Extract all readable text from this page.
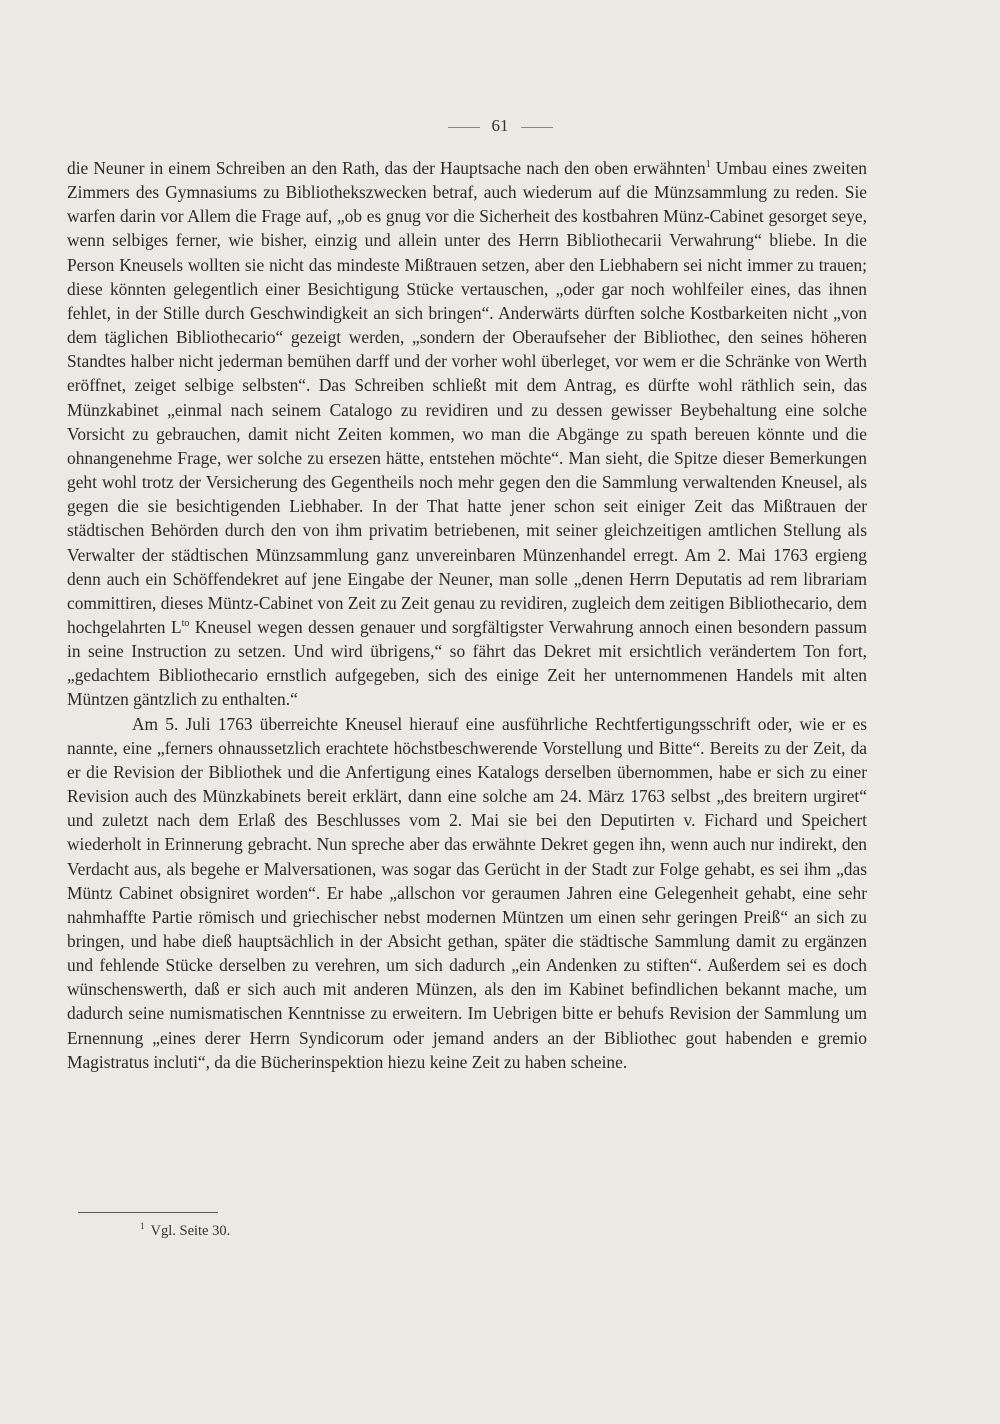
61

die Neuner in einem Schreiben an den Rath, das der Hauptsache nach den oben erwähnten$^1$ Umbau eines zweiten Zimmers des Gymnasiums zu Bibliothekszwecken betraf, auch wiederum auf die Münzsammlung zu reden. Sie warfen darin vor Allem die Frage auf, „ob es gnug vor die Sicherheit des kostbahren Münz-Cabinet gesorget seye, wenn selbiges ferner, wie bisher, einzig und allein unter des Herrn Bibliothecarii Verwahrung“ bliebe. In die Person Kneusels wollten sie nicht das mindeste Mißtrauen setzen, aber den Liebhabern sei nicht immer zu trauen; diese könnten gelegentlich einer Besichtigung Stücke vertauschen, „oder gar noch wohlfeiler eines, das ihnen fehlet, in der Stille durch Geschwindigkeit an sich bringen“. Anderwärts dürften solche Kostbarkeiten nicht „von dem täglichen Bibliothecario“ gezeigt werden, „sondern der Oberaufseher der Bibliothec, den seines höheren Standtes halber nicht jederman bemühen darff und der vorher wohl überleget, vor wem er die Schränke von Werth eröffnet, zeiget selbige selbsten“. Das Schreiben schließt mit dem Antrag, es dürfte wohl räthlich sein, das Münzkabinet „einmal nach seinem Catalogo zu revidiren und zu dessen gewisser Beybehaltung eine solche Vorsicht zu gebrauchen, damit nicht Zeiten kommen, wo man die Abgänge zu spath bereuen könnte und die ohnangenehme Frage, wer solche zu ersezen hätte, entstehen möchte“. Man sieht, die Spitze dieser Bemerkungen geht wohl trotz der Versicherung des Gegentheils noch mehr gegen den die Sammlung verwaltenden Kneusel, als gegen die sie besichtigenden Liebhaber. In der That hatte jener schon seit einiger Zeit das Mißtrauen der städtischen Behörden durch den von ihm privatim betriebenen, mit seiner gleichzeitigen amtlichen Stellung als Verwalter der städtischen Münzsammlung ganz unvereinbaren Münzenhandel erregt. Am 2. Mai 1763 ergieng denn auch ein Schöffendekret auf jene Eingabe der Neuner, man solle „denen Herrn Deputatis ad rem librariam committiren, dieses Müntz-Cabinet von Zeit zu Zeit genau zu revidiren, zugleich dem zeitigen Bibliothecario, dem hochgelahrten $L^{to}$ Kneusel wegen dessen genauer und sorgfältigster Verwahrung annoch einen besondern passum in seine Instruction zu setzen. Und wird übrigens,“ so fährt das Dekret mit ersichtlich verändertem Ton fort, „gedachtem Bibliothecario ernstlich aufgegeben, sich des einige Zeit her unternommenen Handels mit alten Müntzen gäntzlich zu enthalten.“

Am 5. Juli 1763 überreichte Kneusel hierauf eine ausführliche Rechtfertigungsschrift oder, wie er es nannte, eine „ferners ohnaussetzlich erachtete höchstbeschwerende Vorstellung und Bitte“. Bereits zu der Zeit, da er die Revision der Bibliothek und die Anfertigung eines Katalogs derselben übernommen, habe er sich zu einer Revision auch des Münzkabinets bereit erklärt, dann eine solche am 24. März 1763 selbst „des breitern urgiret“ und zuletzt nach dem Erlaß des Beschlusses vom 2. Mai sie bei den Deputirten v. Fichard und Speichert wiederholt in Erinnerung gebracht. Nun spreche aber das erwähnte Dekret gegen ihn, wenn auch nur indirekt, den Verdacht aus, als begehe er Malversationen, was sogar das Gerücht in der Stadt zur Folge gehabt, es sei ihm „das Müntz Cabinet obsigniret worden“. Er habe „allschon vor geraumen Jahren eine Gelegenheit gehabt, eine sehr nahmhaffte Partie römisch und griechischer nebst modernen Müntzen um einen sehr geringen Preiß“ an sich zu bringen, und habe dieß hauptsächlich in der Absicht gethan, später die städtische Sammlung damit zu ergänzen und fehlende Stücke derselben zu verehren, um sich dadurch „ein Andenken zu stiften“. Außerdem sei es doch wünschenswerth, daß er sich auch mit anderen Münzen, als den im Kabinet befindlichen bekannt mache, um dadurch seine numismatischen Kenntnisse zu erweitern. Im Uebrigen bitte er behufs Revision der Sammlung um Ernennung „eines derer Herrn Syndicorum oder jemand anders an der Bibliothec gout habenden e gremio Magistratus incluti“, da die Bücherinspektion hiezu keine Zeit zu haben scheine.

$^1$ Vgl. Seite 30.
